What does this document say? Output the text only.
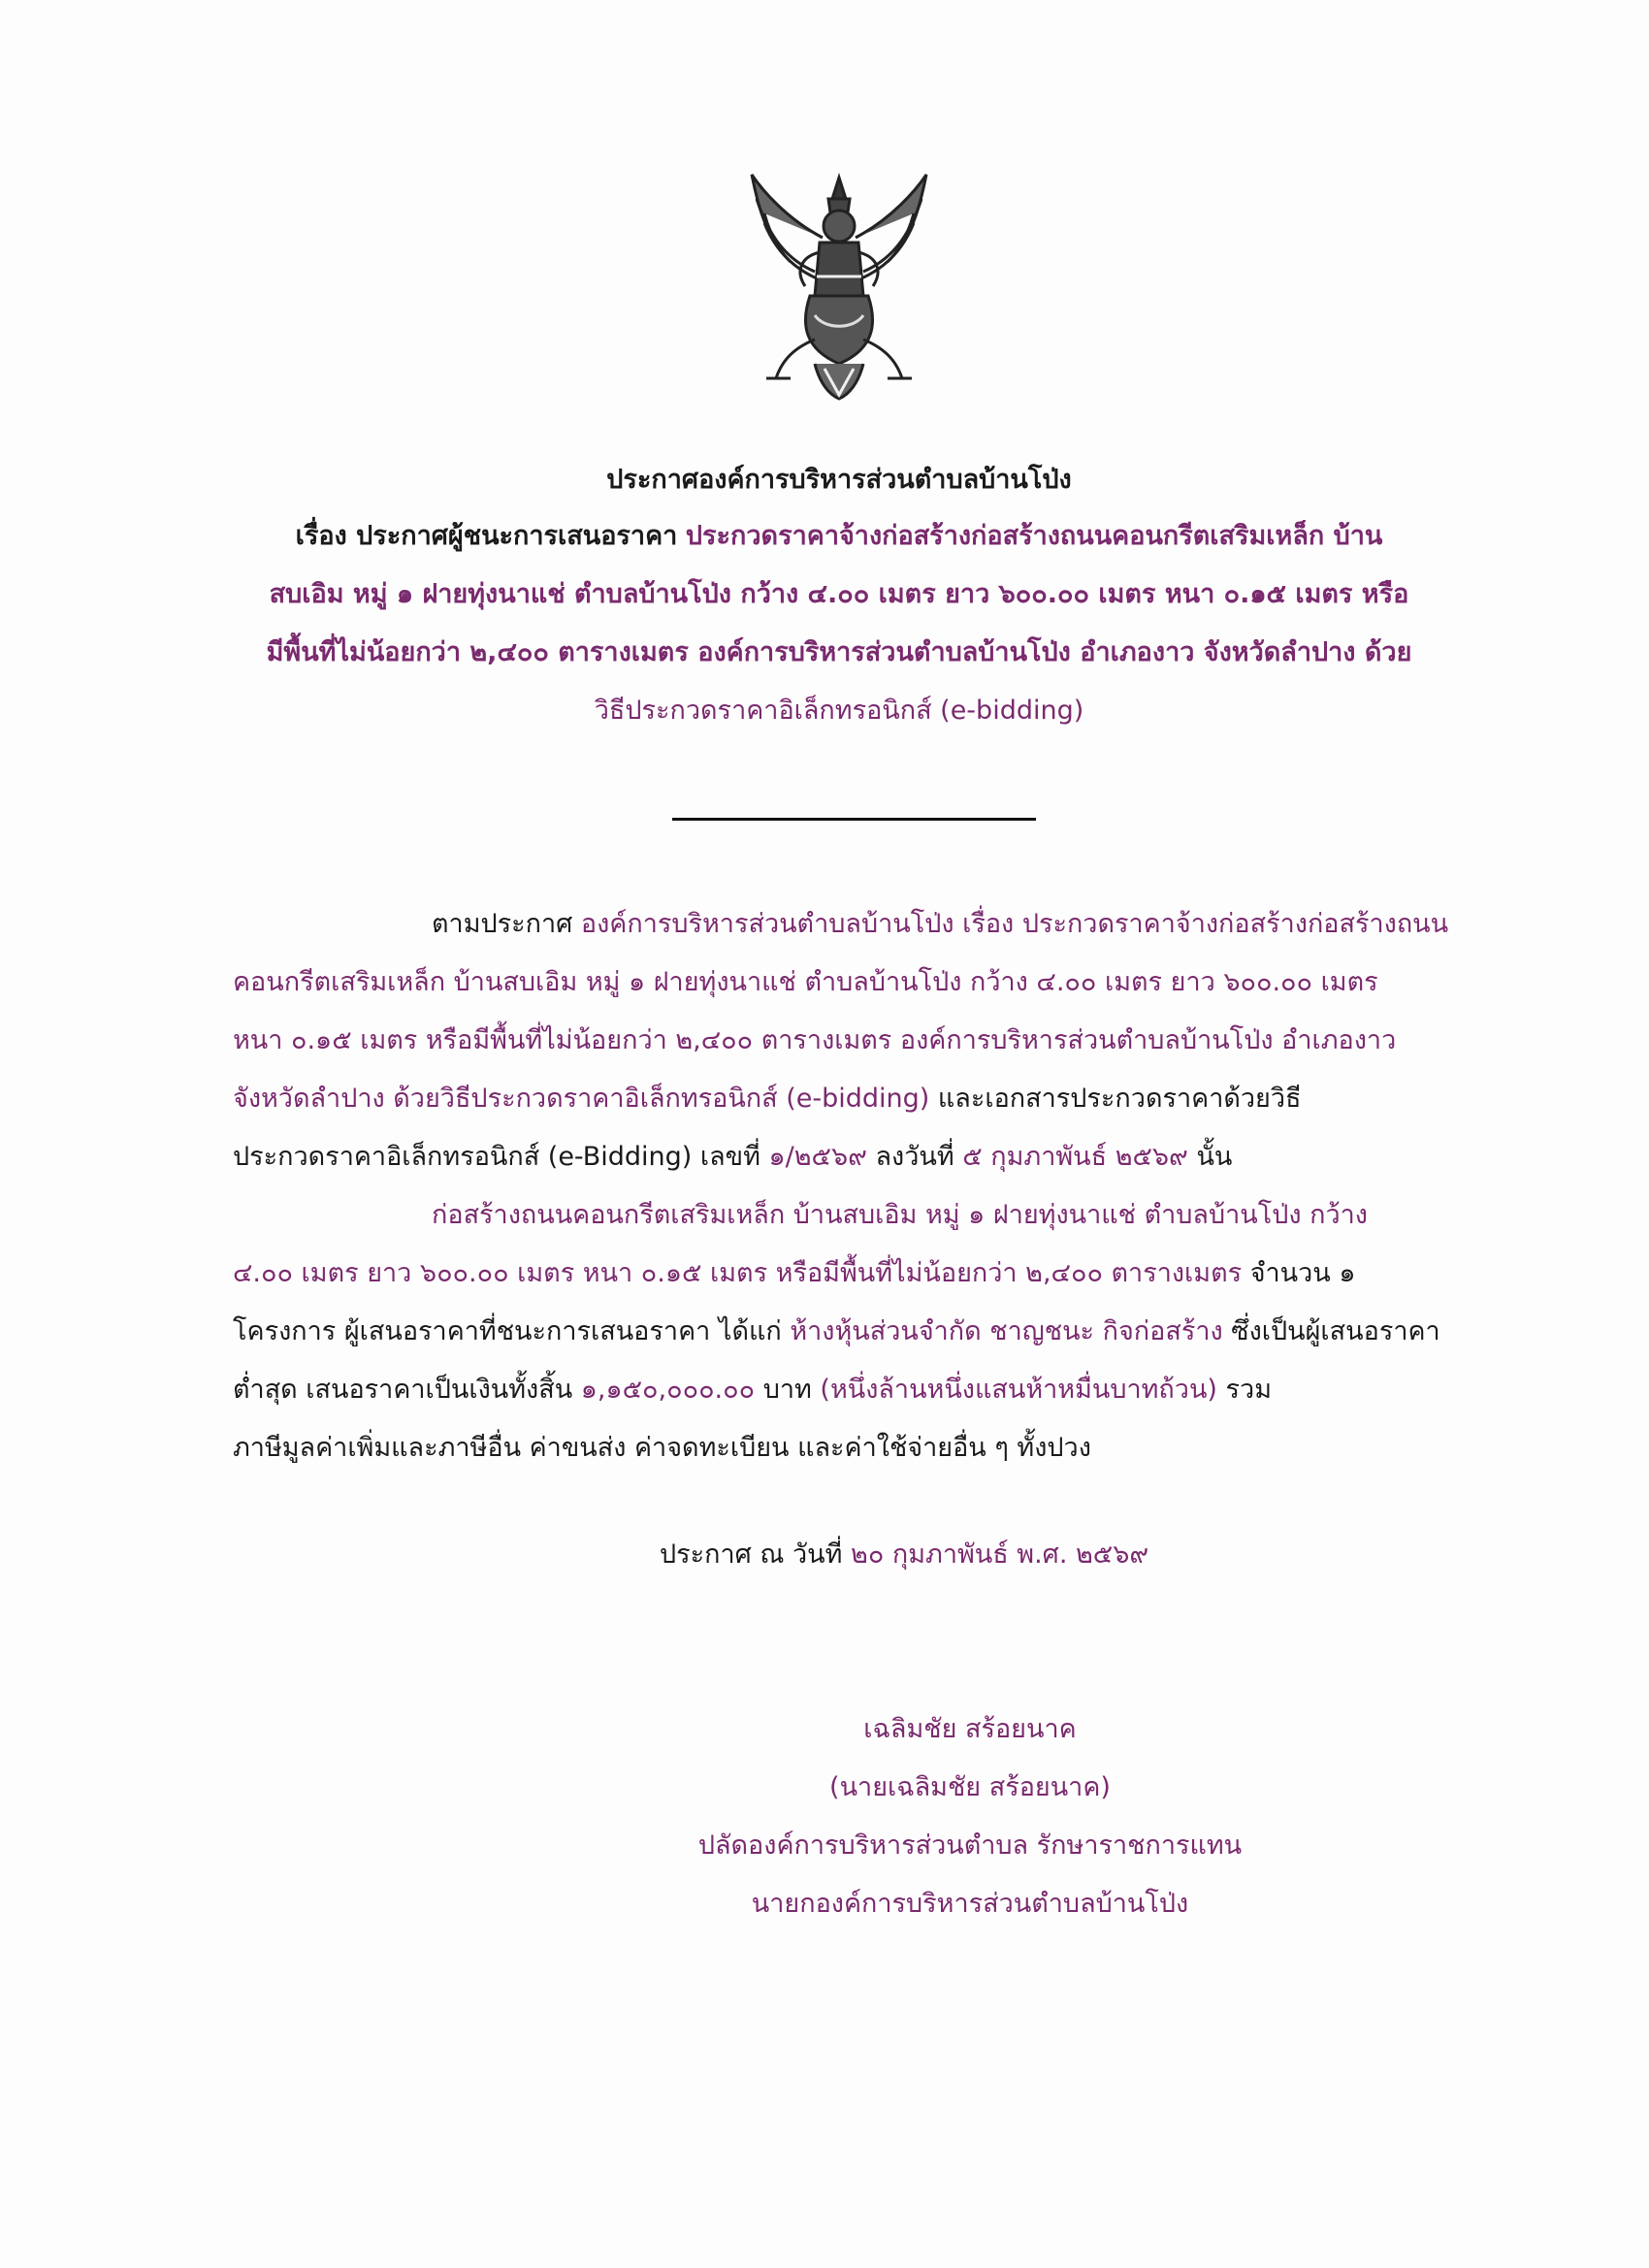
ประกาศองค์การบริหารส่วนตำบลบ้านโป่ง
เรื่อง ประกาศผู้ชนะการเสนอราคา ประกวดราคาจ้างก่อสร้างก่อสร้างถนนคอนกรีตเสริมเหล็ก บ้าน
สบเอิม หมู่ ๑ ฝายทุ่งนาแช่ ตำบลบ้านโป่ง กว้าง ๔.๐๐ เมตร ยาว ๖๐๐.๐๐ เมตร หนา ๐.๑๕ เมตร หรือ
มีพื้นที่ไม่น้อยกว่า ๒,๔๐๐ ตารางเมตร องค์การบริหารส่วนตำบลบ้านโป่ง อำเภองาว จังหวัดลำปาง ด้วย
วิธีประกวดราคาอิเล็กทรอนิกส์ (e-bidding)
ตามประกาศ องค์การบริหารส่วนตำบลบ้านโป่ง เรื่อง ประกวดราคาจ้างก่อสร้างก่อสร้างถนน
คอนกรีตเสริมเหล็ก บ้านสบเอิม หมู่ ๑ ฝายทุ่งนาแช่ ตำบลบ้านโป่ง กว้าง ๔.๐๐ เมตร ยาว ๖๐๐.๐๐ เมตร
หนา ๐.๑๕ เมตร หรือมีพื้นที่ไม่น้อยกว่า ๒,๔๐๐ ตารางเมตร องค์การบริหารส่วนตำบลบ้านโป่ง อำเภองาว
จังหวัดลำปาง ด้วยวิธีประกวดราคาอิเล็กทรอนิกส์ (e-bidding) และเอกสารประกวดราคาด้วยวิธี
ประกวดราคาอิเล็กทรอนิกส์ (e-Bidding) เลขที่ ๑/๒๕๖๙ ลงวันที่ ๕ กุมภาพันธ์ ๒๕๖๙ นั้น
ก่อสร้างถนนคอนกรีตเสริมเหล็ก บ้านสบเอิม หมู่ ๑ ฝายทุ่งนาแช่ ตำบลบ้านโป่ง กว้าง
๔.๐๐ เมตร ยาว ๖๐๐.๐๐ เมตร หนา ๐.๑๕ เมตร หรือมีพื้นที่ไม่น้อยกว่า ๒,๔๐๐ ตารางเมตร จำนวน ๑
โครงการ ผู้เสนอราคาที่ชนะการเสนอราคา ได้แก่ ห้างหุ้นส่วนจำกัด ชาญชนะ กิจก่อสร้าง ซึ่งเป็นผู้เสนอราคา
ต่ำสุด เสนอราคาเป็นเงินทั้งสิ้น ๑,๑๕๐,๐๐๐.๐๐ บาท (หนึ่งล้านหนึ่งแสนห้าหมื่นบาทถ้วน) รวม
ภาษีมูลค่าเพิ่มและภาษีอื่น ค่าขนส่ง ค่าจดทะเบียน และค่าใช้จ่ายอื่น ๆ ทั้งปวง
ประกาศ ณ วันที่ ๒๐ กุมภาพันธ์ พ.ศ. ๒๕๖๙
เฉลิมชัย สร้อยนาค
(นายเฉลิมชัย สร้อยนาค)
ปลัดองค์การบริหารส่วนตำบล รักษาราชการแทน
นายกองค์การบริหารส่วนตำบลบ้านโป่ง
